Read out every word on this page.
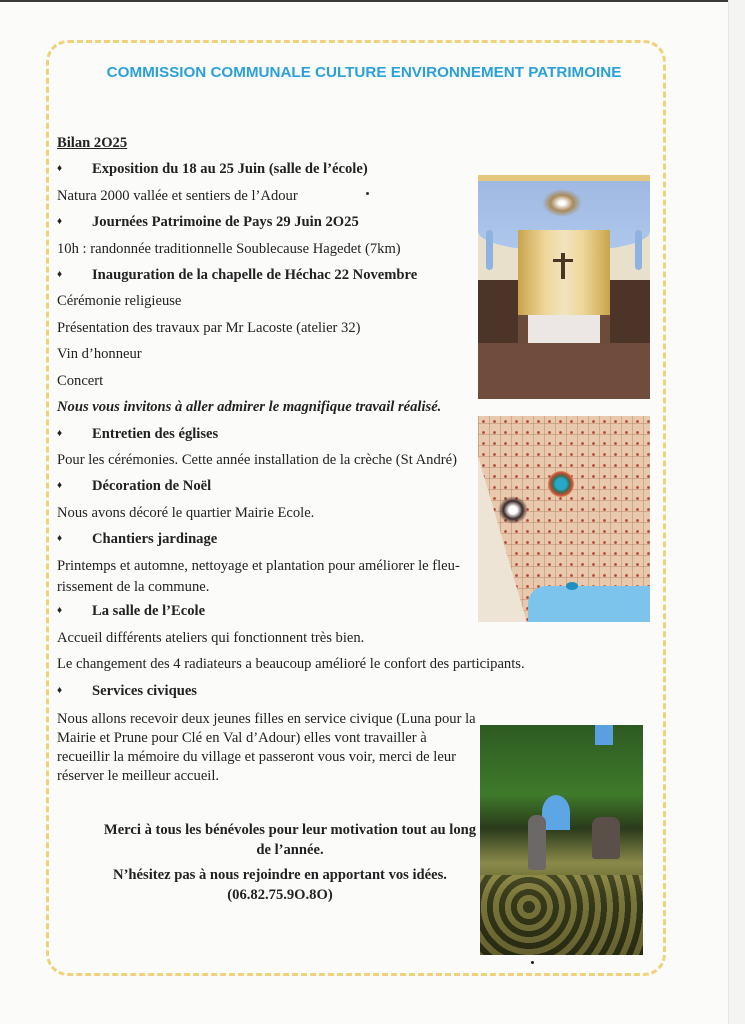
COMMISSION COMMUNALE CULTURE ENVIRONNEMENT PATRIMOINE
Bilan 2O25
♦ Exposition du 18 au 25 Juin (salle de l’école)
Natura 2000 vallée et sentiers de l’Adour
♦ Journées Patrimoine de Pays 29 Juin 2O25
10h : randonnée traditionnelle Soublecause Hagedet (7km)
♦ Inauguration de la chapelle de Héchac 22 Novembre
Cérémonie religieuse
Présentation des travaux par Mr Lacoste (atelier 32)
Vin d’honneur
Concert
Nous vous invitons à aller admirer le magnifique travail réalisé.
♦ Entretien des églises
Pour les cérémonies. Cette année installation de la crèche (St André)
♦ Décoration de Noël
Nous avons décoré le quartier Mairie Ecole.
♦ Chantiers jardinage
Printemps et automne, nettoyage et plantation pour améliorer le fleu-rissement de la commune.
♦ La salle de l’Ecole
Accueil différents ateliers qui fonctionnent très bien.
Le changement des 4 radiateurs a beaucoup amélioré le confort des participants.
♦ Services civiques
Nous allons recevoir deux jeunes filles en service civique (Luna pour la Mairie et Prune pour Clé en Val d’Adour) elles vont travailler à recueillir la mémoire du village et passeront vous voir, merci de leur réserver le meilleur accueil.
Merci à tous les bénévoles pour leur motivation tout au long de l’année.
N’hésitez pas à nous rejoindre en apportant vos idées.
(06.82.75.9O.8O)
